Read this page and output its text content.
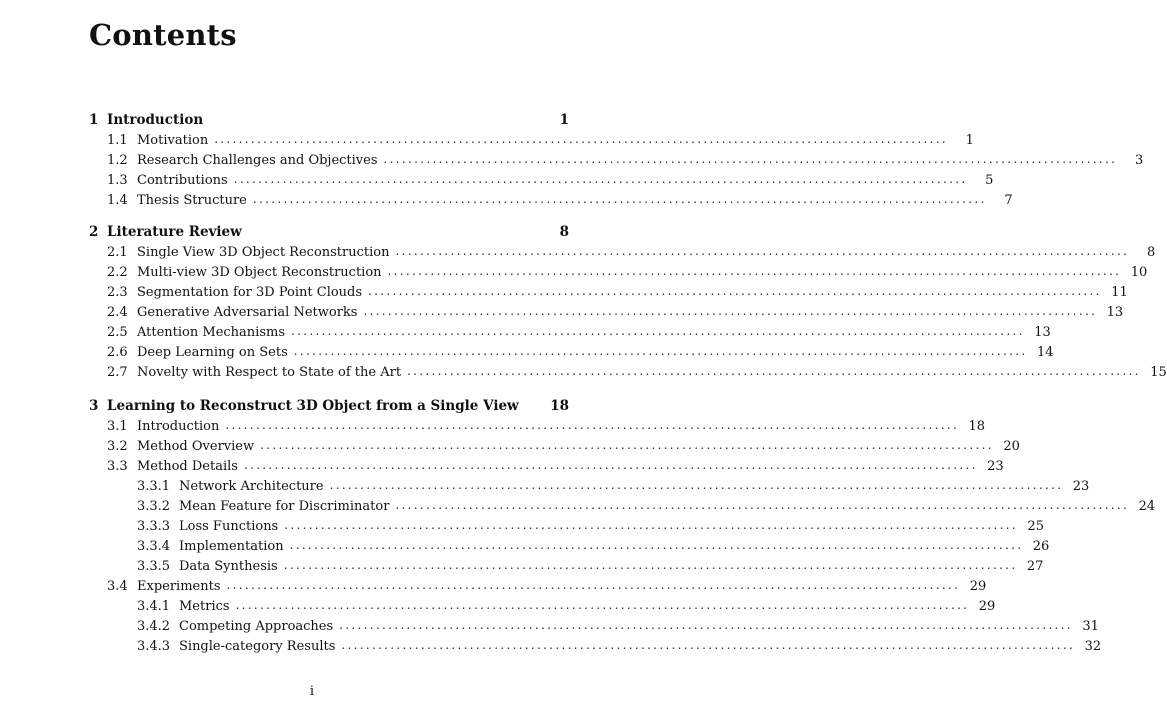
Contents
1 Introduction	1
1.1 Motivation ........................................................................................................................	1
1.2 Research Challenges and Objectives ........................................................................................................................	3
1.3 Contributions ........................................................................................................................	5
1.4 Thesis Structure ........................................................................................................................	7
2 Literature Review	8
2.1 Single View 3D Object Reconstruction ........................................................................................................................	8
2.2 Multi-view 3D Object Reconstruction ........................................................................................................................ 10
2.3 Segmentation for 3D Point Clouds ........................................................................................................................ 11
2.4 Generative Adversarial Networks ........................................................................................................................ 13
2.5 Attention Mechanisms ........................................................................................................................ 13
2.6 Deep Learning on Sets ........................................................................................................................ 14
2.7 Novelty with Respect to State of the Art ........................................................................................................................ 15
3 Learning to Reconstruct 3D Object from a Single View 18
3.1 Introduction ........................................................................................................................ 18
3.2 Method Overview ........................................................................................................................ 20
3.3 Method Details ........................................................................................................................ 23
3.3.1 Network Architecture ........................................................................................................................ 23
3.3.2 Mean Feature for Discriminator ........................................................................................................................ 24
3.3.3 Loss Functions ........................................................................................................................ 25
3.3.4 Implementation ........................................................................................................................ 26
3.3.5 Data Synthesis ........................................................................................................................ 27
3.4 Experiments ........................................................................................................................ 29
3.4.1 Metrics ........................................................................................................................ 29
3.4.2 Competing Approaches ........................................................................................................................ 31
3.4.3 Single-category Results ........................................................................................................................ 32
i
